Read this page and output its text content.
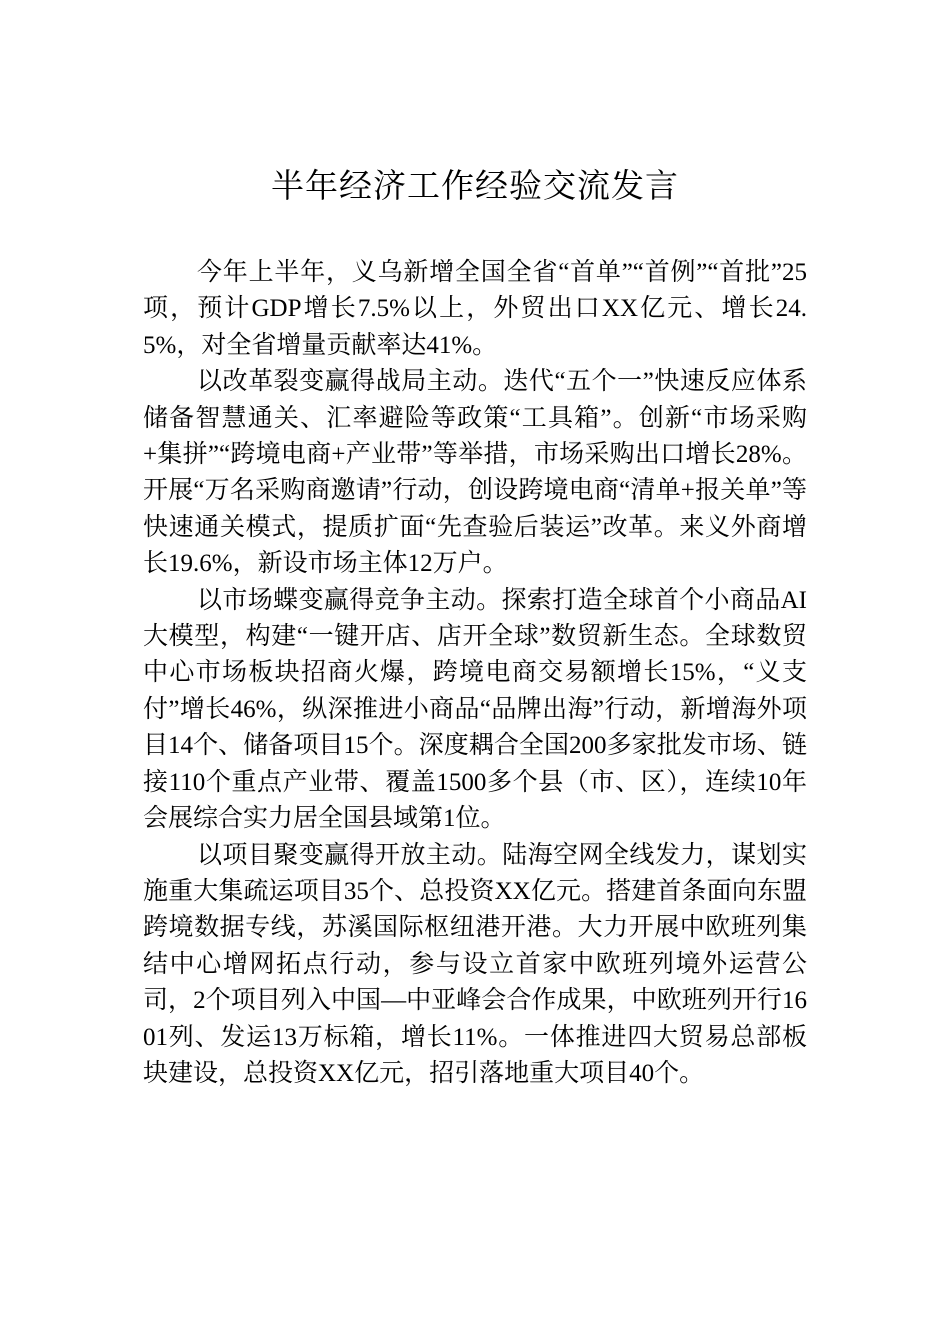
半年经济工作经验交流发言

今年上半年，义乌新增全国全省“首单”“首例”“首批”25项，预计GDP增长7.5%以上，外贸出口XX亿元、增长24.5%，对全省增量贡献率达41%。

以改革裂变赢得战局主动。迭代“五个一”快速反应体系储备智慧通关、汇率避险等政策“工具箱”。创新“市场采购+集拼”“跨境电商+产业带”等举措，市场采购出口增长28%。开展“万名采购商邀请”行动，创设跨境电商“清单+报关单”等快速通关模式，提质扩面“先查验后装运”改革。来义外商增长19.6%，新设市场主体12万户。

以市场蝶变赢得竞争主动。探索打造全球首个小商品AI大模型，构建“一键开店、店开全球”数贸新生态。全球数贸中心市场板块招商火爆，跨境电商交易额增长15%，“义支付”增长46%，纵深推进小商品“品牌出海”行动，新增海外项目14个、储备项目15个。深度耦合全国200多家批发市场、链接110个重点产业带、覆盖1500多个县（市、区），连续10年会展综合实力居全国县域第1位。

以项目聚变赢得开放主动。陆海空网全线发力，谋划实施重大集疏运项目35个、总投资XX亿元。搭建首条面向东盟跨境数据专线，苏溪国际枢纽港开港。大力开展中欧班列集结中心增网拓点行动，参与设立首家中欧班列境外运营公司，2个项目列入中国—中亚峰会合作成果，中欧班列开行1601列、发运13万标箱，增长11%。一体推进四大贸易总部板块建设，总投资XX亿元，招引落地重大项目40个。
